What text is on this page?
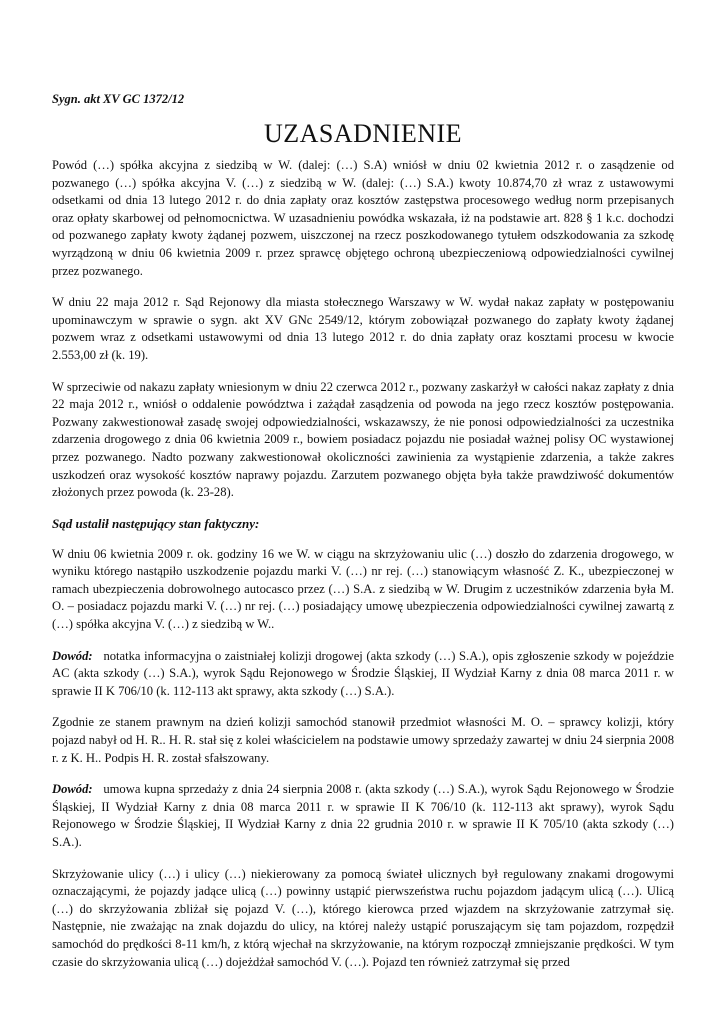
Sygn. akt XV GC 1372/12
UZASADNIENIE

Powód (…) spółka akcyjna z siedzibą w W. (dalej: (…) S.A) wniósł w dniu 02 kwietnia 2012 r. o zasądzenie od pozwanego (…) spółka akcyjna V. (…) z siedzibą w W. (dalej: (…) S.A.) kwoty 10.874,70 zł wraz z ustawowymi odsetkami od dnia 13 lutego 2012 r. do dnia zapłaty oraz kosztów zastępstwa procesowego według norm przepisanych oraz opłaty skarbowej od pełnomocnictwa. W uzasadnieniu powódka wskazała, iż na podstawie art. 828 § 1 k.c. dochodzi od pozwanego zapłaty kwoty żądanej pozwem, uiszczonej na rzecz poszkodowanego tytułem odszkodowania za szkodę wyrządzoną w dniu 06 kwietnia 2009 r. przez sprawcę objętego ochroną ubezpieczeniową odpowiedzialności cywilnej przez pozwanego.

W dniu 22 maja 2012 r. Sąd Rejonowy dla miasta stołecznego Warszawy w W. wydał nakaz zapłaty w postępowaniu upominawczym w sprawie o sygn. akt XV GNc 2549/12, którym zobowiązał pozwanego do zapłaty kwoty żądanej pozwem wraz z odsetkami ustawowymi od dnia 13 lutego 2012 r. do dnia zapłaty oraz kosztami procesu w kwocie 2.553,00 zł (k. 19).

W sprzeciwie od nakazu zapłaty wniesionym w dniu 22 czerwca 2012 r., pozwany zaskarżył w całości nakaz zapłaty z dnia 22 maja 2012 r., wniósł o oddalenie powództwa i zażądał zasądzenia od powoda na jego rzecz kosztów postępowania. Pozwany zakwestionował zasadę swojej odpowiedzialności, wskazawszy, że nie ponosi odpowiedzialności za uczestnika zdarzenia drogowego z dnia 06 kwietnia 2009 r., bowiem posiadacz pojazdu nie posiadał ważnej polisy OC wystawionej przez pozwanego. Nadto pozwany zakwestionował okoliczności zawinienia za wystąpienie zdarzenia, a także zakres uszkodzeń oraz wysokość kosztów naprawy pojazdu. Zarzutem pozwanego objęta była także prawdziwość dokumentów złożonych przez powoda (k. 23-28).

Sąd ustalił następujący stan faktyczny:

W dniu 06 kwietnia 2009 r. ok. godziny 16 we W. w ciągu na skrzyżowaniu ulic (…) doszło do zdarzenia drogowego, w wyniku którego nastąpiło uszkodzenie pojazdu marki V. (…) nr rej. (…) stanowiącym własność Z. K., ubezpieczonej w ramach ubezpieczenia dobrowolnego autocasco przez (…) S.A. z siedzibą w W. Drugim z uczestników zdarzenia była M. O. – posiadacz pojazdu marki V. (…) nr rej. (…) posiadający umowę ubezpieczenia odpowiedzialności cywilnej zawartą z (…) spółka akcyjna V. (…) z siedzibą w W..

Dowód: notatka informacyjna o zaistniałej kolizji drogowej (akta szkody (…) S.A.), opis zgłoszenie szkody w pojeździe AC (akta szkody (…) S.A.), wyrok Sądu Rejonowego w Środzie Śląskiej, II Wydział Karny z dnia 08 marca 2011 r. w sprawie II K 706/10 (k. 112-113 akt sprawy, akta szkody (…) S.A.).

Zgodnie ze stanem prawnym na dzień kolizji samochód stanowił przedmiot własności M. O. – sprawcy kolizji, który pojazd nabył od H. R.. H. R. stał się z kolei właścicielem na podstawie umowy sprzedaży zawartej w dniu 24 sierpnia 2008 r. z K. H.. Podpis H. R. został sfałszowany.

Dowód: umowa kupna sprzedaży z dnia 24 sierpnia 2008 r. (akta szkody (…) S.A.), wyrok Sądu Rejonowego w Środzie Śląskiej, II Wydział Karny z dnia 08 marca 2011 r. w sprawie II K 706/10 (k. 112-113 akt sprawy), wyrok Sądu Rejonowego w Środzie Śląskiej, II Wydział Karny z dnia 22 grudnia 2010 r. w sprawie II K 705/10 (akta szkody (…) S.A.).

Skrzyżowanie ulicy (…) i ulicy (…) niekierowany za pomocą świateł ulicznych był regulowany znakami drogowymi oznaczającymi, że pojazdy jadące ulicą (…) powinny ustąpić pierwszeństwa ruchu pojazdom jadącym ulicą (…). Ulicą (…) do skrzyżowania zbliżał się pojazd V. (…), którego kierowca przed wjazdem na skrzyżowanie zatrzymał się. Następnie, nie zważając na znak dojazdu do ulicy, na której należy ustąpić poruszającym się tam pojazdom, rozpędził samochód do prędkości 8-11 km/h, z którą wjechał na skrzyżowanie, na którym rozpoczął zmniejszanie prędkości. W tym czasie do skrzyżowania ulicą (…) dojeżdżał samochód V. (…). Pojazd ten również zatrzymał się przed
